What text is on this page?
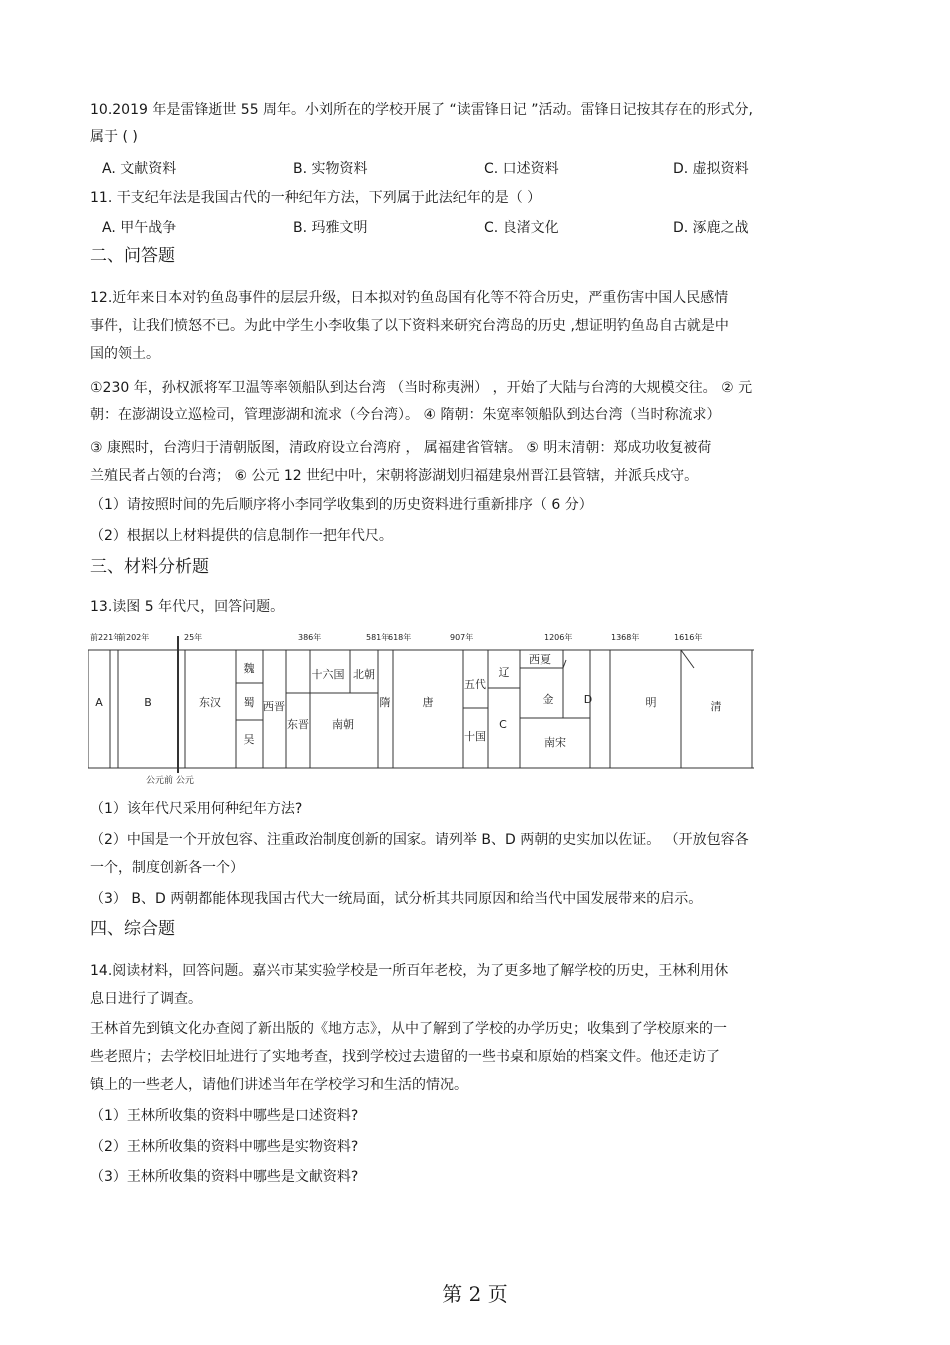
10.2019 年是雷锋逝世 55 周年。小刘所在的学校开展了 “读雷锋日记 ”活动。雷锋日记按其存在的形式分,
属于 ( )
A. 文献资料	B. 实物资料	C. 口述资料	D. 虚拟资料
11. 干支纪年法是我国古代的一种纪年方法，下列属于此法纪年的是（ ）
A. 甲午战争	B. 玛雅文明	C. 良渚文化	D. 涿鹿之战
二、问答题
12.近年来日本对钓鱼岛事件的层层升级，日本拟对钓鱼岛国有化等不符合历史，严重伤害中国人民感情
事件，让我们愤怒不已。为此中学生小李收集了以下资料来研究台湾岛的历史 ,想证明钓鱼岛自古就是中
国的领土。
①230 年，孙权派将军卫温等率领船队到达台湾 （当时称夷洲） ，开始了大陆与台湾的大规模交往。 ② 元
朝：在澎湖设立巡检司，管理澎湖和流求（今台湾）。 ④ 隋朝：朱宽率领船队到达台湾（当时称流求）
③ 康熙时，台湾归于清朝版图，清政府设立台湾府 ， 属福建省管辖。 ⑤ 明末清朝：郑成功收复被荷
兰殖民者占领的台湾； ⑥ 公元 12 世纪中叶，宋朝将澎湖划归福建泉州晋江县管辖，并派兵戍守。
（1）请按照时间的先后顺序将小李同学收集到的历史资料进行重新排序（ 6 分）
（2）根据以上材料提供的信息制作一把年代尺。
三、材料分析题
13.读图 5 年代尺，回答问题。
前221年
前202年	25年	386年	581年
618年	907年	1206年	1368年	1616年
A	B	东汉
魏
蜀
吴
西晋
十六国
东晋
北朝
南朝
隋	唐
五代
十国
辽
西夏
金
C
南宋
D	明	清
公元前 公元
（1）该年代尺采用何种纪年方法?
（2）中国是一个开放包容、注重政治制度创新的国家。请列举 B、D 两朝的史实加以佐证。 （开放包容各
一个，制度创新各一个）
（3） B、D 两朝都能体现我国古代大一统局面，试分析其共同原因和给当代中国发展带来的启示。
四、综合题
14.阅读材料，回答问题。嘉兴市某实验学校是一所百年老校，为了更多地了解学校的历史，王林利用休
息日进行了调查。
王林首先到镇文化办查阅了新出版的《地方志》，从中了解到了学校的办学历史；收集到了学校原来的一
些老照片；去学校旧址进行了实地考查，找到学校过去遗留的一些书桌和原始的档案文件。他还走访了
镇上的一些老人，请他们讲述当年在学校学习和生活的情况。
（1）王林所收集的资料中哪些是口述资料?
（2）王林所收集的资料中哪些是实物资料?
（3）王林所收集的资料中哪些是文献资料?
第 2 页
